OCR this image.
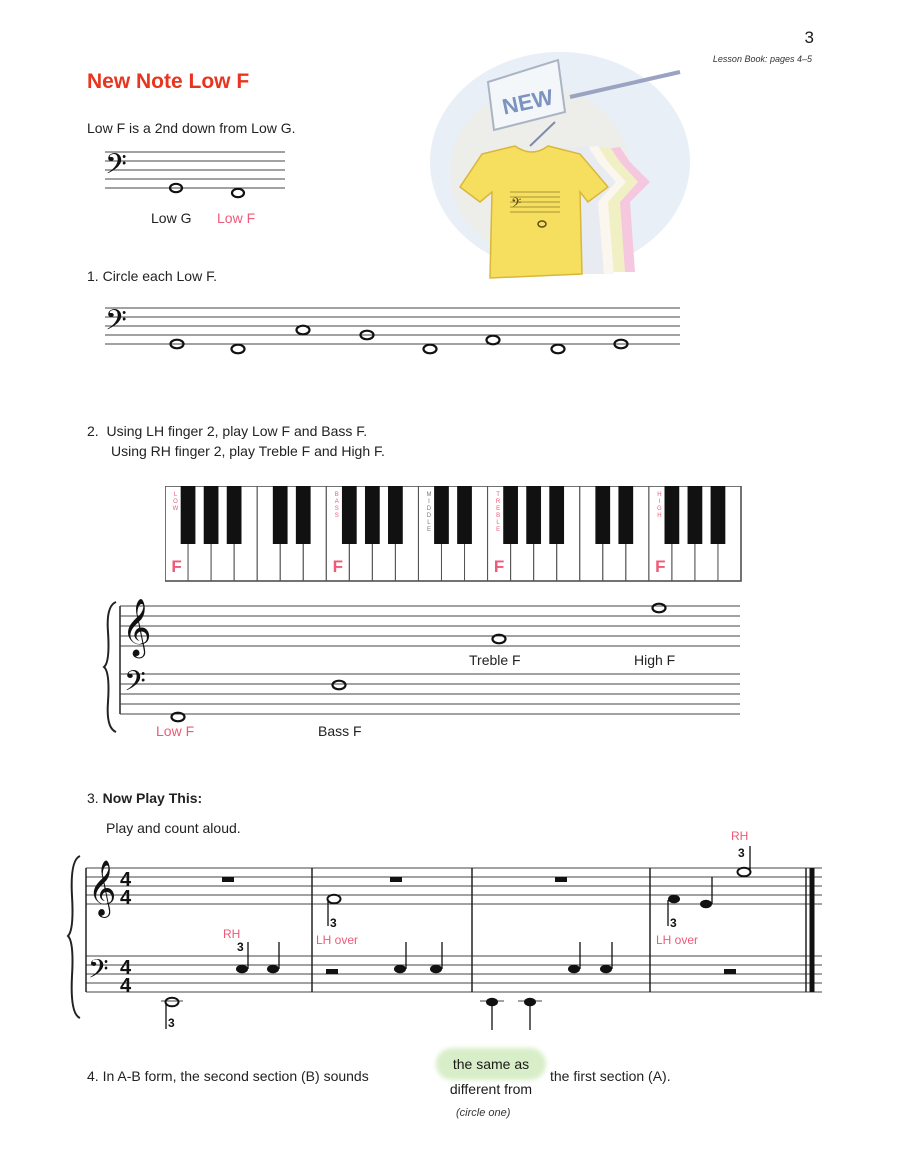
3
Lesson Book: pages 4–5
New Note Low F
Low F is a 2nd down from Low G.
𝄢
Low G Low F
NEW
𝄢
1. Circle each Low F.
𝄢
2. Using LH finger 2, play Low F and Bass F.
Using RH finger 2, play Treble F and High F.
L
O
W
F
B
A
S
S
F
M
I
D
D
L
E
T
R
E
B
L
E
F
H
I
G
H
F
𝄞
𝄢
Treble F	High F
Low F	Bass F
3. Now Play This:
Play and count aloud.
𝄞
𝄢
4
4
4
4
3
3
RH
3
LH over
3
LH over
3
RH
4. In A-B form, the second section (B) sounds
the same as
different from
the first section (A).
(circle one)
